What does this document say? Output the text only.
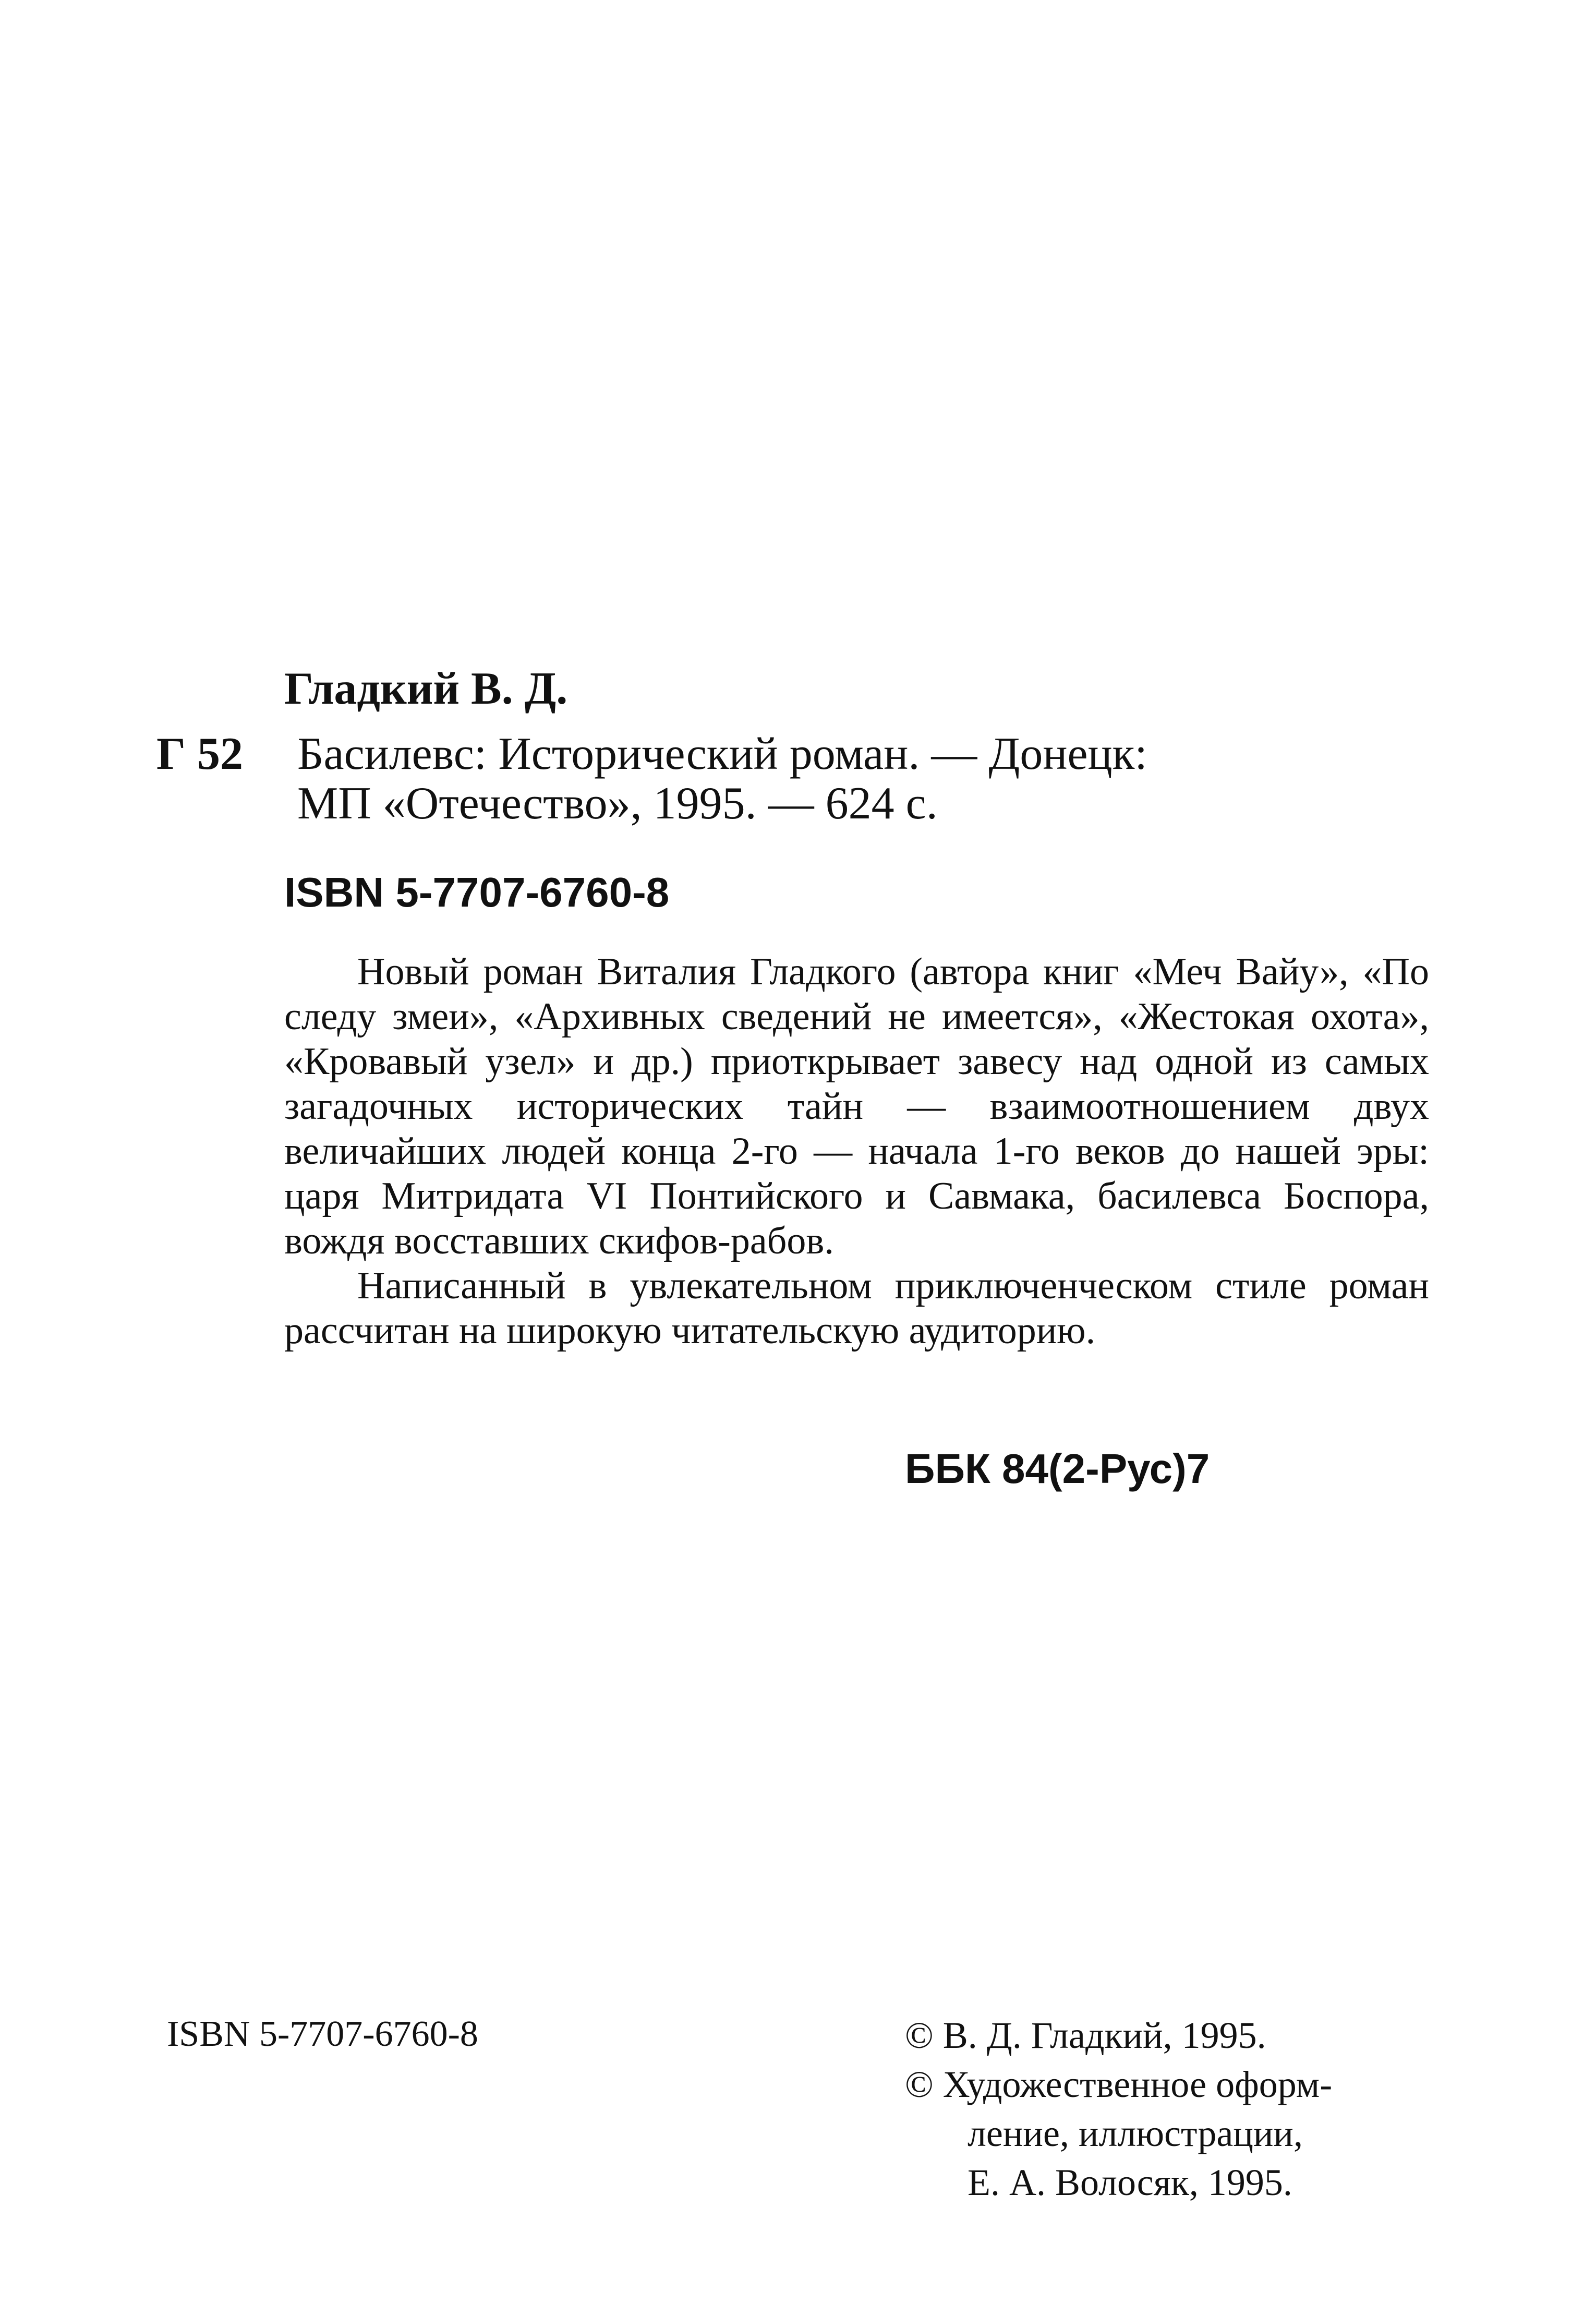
Гладкий В. Д.
Г 52 Басилевс: Исторический роман. — Донецк:
МП «Отечество», 1995. — 624 с.
ISBN 5-7707-6760-8

Новый роман Виталия Гладкого (автора книг «Меч Вайу», «По следу змеи», «Архивных сведений не имеется», «Жестокая охота», «Кровавый узел» и др.) приоткрывает завесу над одной из самых загадочных исторических тайн — взаимоотношением двух величайших людей конца 2-го — начала 1-го веков до нашей эры: царя Митридата VI Понтийского и Савмака, басилевса Боспора, вождя восставших скифов-рабов.

Написанный в увлекательном приключенческом стиле роман рассчитан на широкую читательскую аудиторию.

ББК 84(2-Рус)7
ISBN 5-7707-6760-8	© В. Д. Гладкий, 1995.
© Художественное оформ-
ление, иллюстрации,
Е. А. Волосяк, 1995.
